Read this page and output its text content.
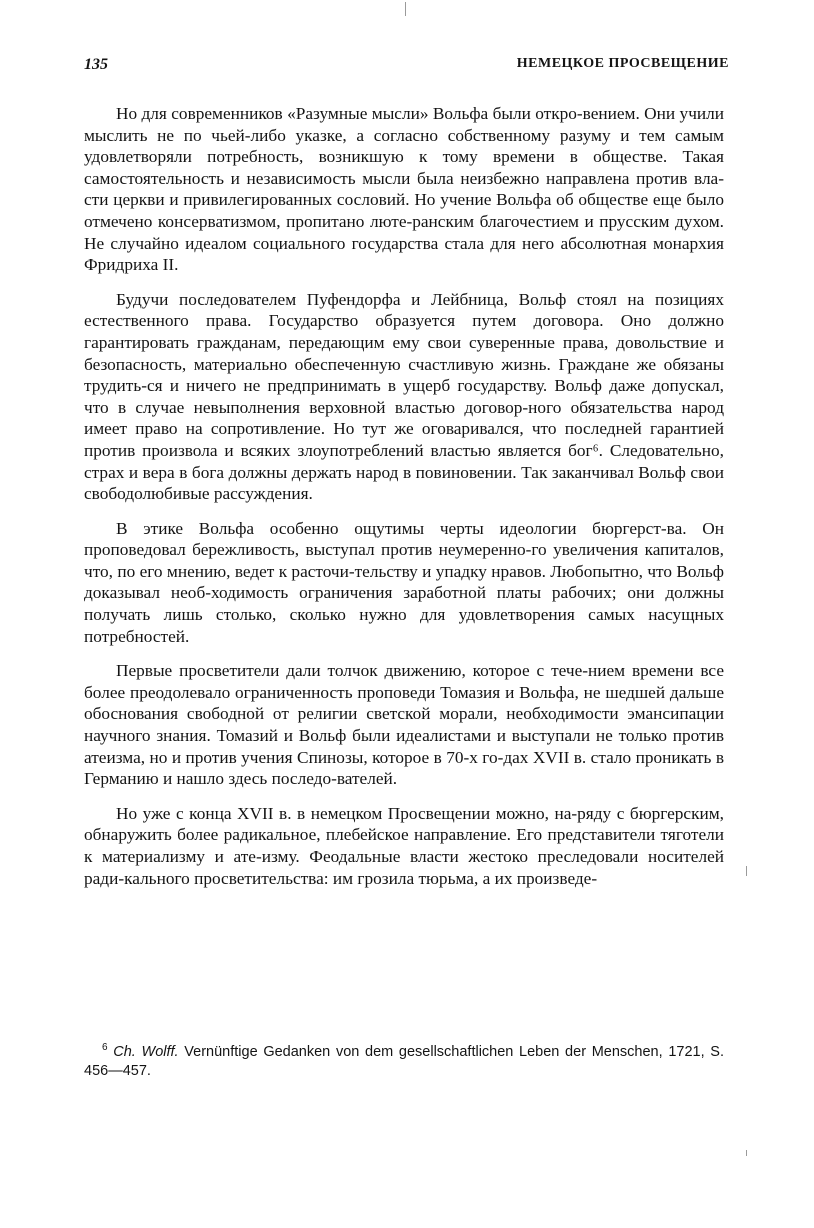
135	НЕМЕЦКОЕ ПРОСВЕЩЕНИЕ

Но для современников «Разумные мысли» Вольфа были откро-вением. Они учили мыслить не по чьей-либо указке, а согласно собственному разуму и тем самым удовлетворяли потребность, возникшую к тому времени в обществе. Такая самостоятельность и независимость мысли была неизбежно направлена против вла-сти церкви и привилегированных сословий. Но учение Вольфа об обществе еще было отмечено консерватизмом, пропитано люте-ранским благочестием и прусским духом. Не случайно идеалом социального государства стала для него абсолютная монархия Фридриха II.

Будучи последователем Пуфендорфа и Лейбница, Вольф стоял на позициях естественного права. Государство образуется путем договора. Оно должно гарантировать гражданам, передающим ему свои суверенные права, довольствие и безопасность, материально обеспеченную счастливую жизнь. Граждане же обязаны трудить-ся и ничего не предпринимать в ущерб государству. Вольф даже допускал, что в случае невыполнения верховной властью договор-ного обязательства народ имеет право на сопротивление. Но тут же оговаривался, что последней гарантией против произвола и всяких злоупотреблений властью является бог⁶. Следовательно, страх и вера в бога должны держать народ в повиновении. Так заканчивал Вольф свои свободолюбивые рассуждения.

В этике Вольфа особенно ощутимы черты идеологии бюргерст-ва. Он проповедовал бережливость, выступал против неумеренно-го увеличения капиталов, что, по его мнению, ведет к расточи-тельству и упадку нравов. Любопытно, что Вольф доказывал необ-ходимость ограничения заработной платы рабочих; они должны получать лишь столько, сколько нужно для удовлетворения самых насущных потребностей.

Первые просветители дали толчок движению, которое с тече-нием времени все более преодолевало ограниченность проповеди Томазия и Вольфа, не шедшей дальше обоснования свободной от религии светской морали, необходимости эмансипации научного знания. Томазий и Вольф были идеалистами и выступали не только против атеизма, но и против учения Спинозы, которое в 70-х го-дах XVII в. стало проникать в Германию и нашло здесь последо-вателей.

Но уже с конца XVII в. в немецком Просвещении можно, на-ряду с бюргерским, обнаружить более радикальное, плебейское направление. Его представители тяготели к материализму и ате-изму. Феодальные власти жестоко преследовали носителей ради-кального просветительства: им грозила тюрьма, а их произведе-

$^6$ Ch. Wolff. Vernünftige Gedanken von dem gesellschaftlichen Leben der Menschen, 1721, S. 456—457.
